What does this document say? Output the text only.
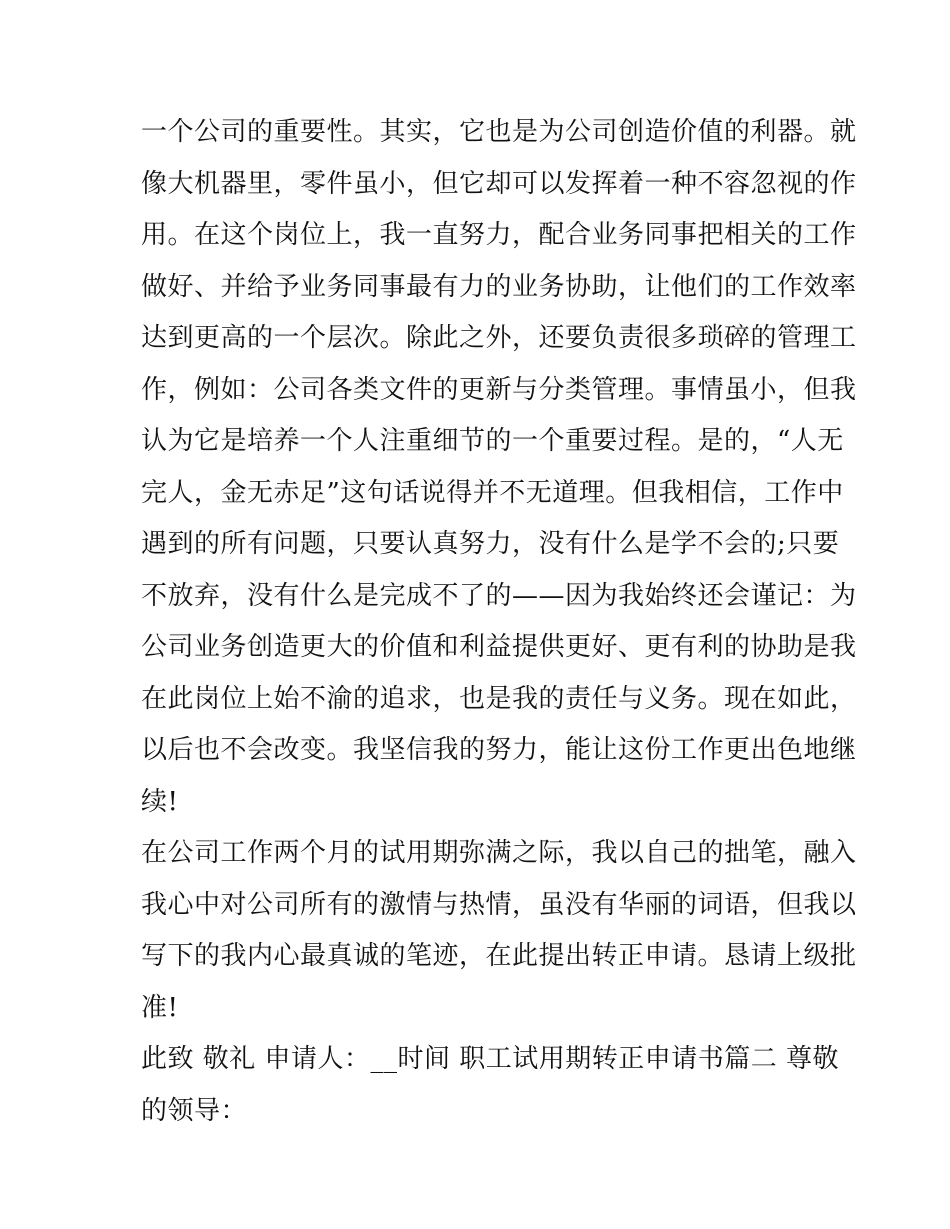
一个公司的重要性。其实，它也是为公司创造价值的利器。就
像大机器里，零件虽小，但它却可以发挥着一种不容忽视的作
用。在这个岗位上，我一直努力，配合业务同事把相关的工作
做好、并给予业务同事最有力的业务协助，让他们的工作效率
达到更高的一个层次。除此之外，还要负责很多琐碎的管理工
作，例如：公司各类文件的更新与分类管理。事情虽小，但我
认为它是培养一个人注重细节的一个重要过程。是的，“人无
完人，金无赤足”这句话说得并不无道理。但我相信，工作中
遇到的所有问题，只要认真努力，没有什么是学不会的;只要
不放弃，没有什么是完成不了的——因为我始终还会谨记：为
公司业务创造更大的价值和利益提供更好、更有利的协助是我
在此岗位上始不渝的追求，也是我的责任与义务。现在如此，
以后也不会改变。我坚信我的努力，能让这份工作更出色地继
续!
在公司工作两个月的试用期弥满之际，我以自己的拙笔，融入
我心中对公司所有的激情与热情，虽没有华丽的词语，但我以
写下的我内心最真诚的笔迹，在此提出转正申请。恳请上级批
准!
此致 敬礼 申请人：__时间 职工试用期转正申请书篇二 尊敬
的领导：
